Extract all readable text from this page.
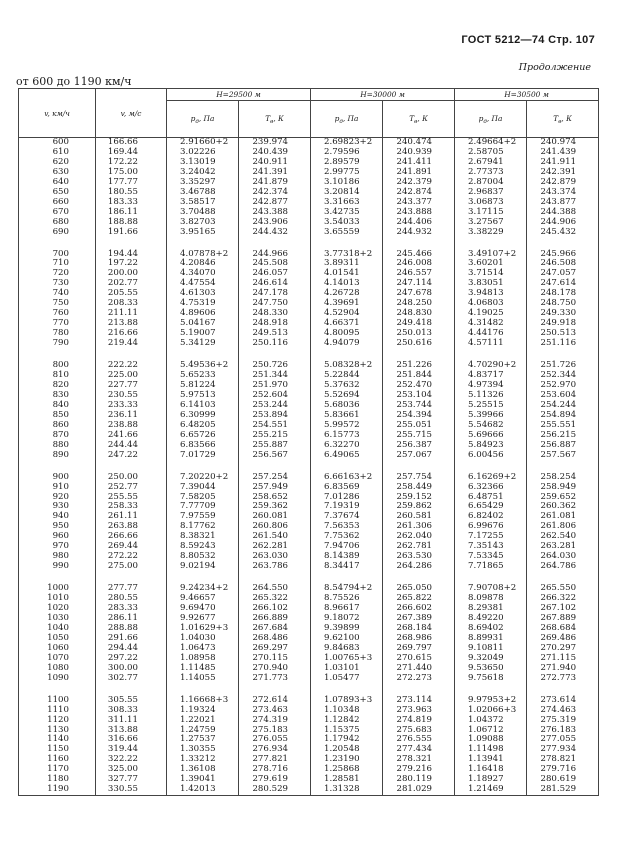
ГОСТ 5212—74 Стр. 107
Продолжение
от 600 до 1190 км/ч
v, км/ч	v, м/с	H=29500 м		H=30000 м		H=30500 м	
		$р_д$, Па	$Т_в$, К	$р_д$, Па	$Т_в$, К	$р_д$, Па	$Т_в$, К
600	166.66	2.91660+2	239.974	2.69823+2	240.474	2.49664+2	240.974
610	169.44	3.02226	240.439	2.79596	240.939	2.58705	241.439
620	172.22	3.13019	240.911	2.89579	241.411	2.67941	241.911
630	175.00	3.24042	241.391	2.99775	241.891	2.77373	242.391
640	177.77	3.35297	241.879	3.10186	242.379	2.87004	242.879
650	180.55	3.46788	242.374	3.20814	242.874	2.96837	243.374
660	183.33	3.58517	242.877	3.31663	243.377	3.06873	243.877
670	186.11	3.70488	243.388	3.42735	243.888	3.17115	244.388
680	188.88	3.82703	243.906	3.54033	244.406	3.27567	244.906
690	191.66	3.95165	244.432	3.65559	244.932	3.38229	245.432

700	194.44	4.07878+2	244.966	3.77318+2	245.466	3.49107+2	245.966
710	197.22	4.20846	245.508	3.89311	246.008	3.60201	246.508
720	200.00	4.34070	246.057	4.01541	246.557	3.71514	247.057
730	202.77	4.47554	246.614	4.14013	247.114	3.83051	247.614
740	205.55	4.61303	247.178	4.26728	247.678	3.94813	248.178
750	208.33	4.75319	247.750	4.39691	248.250	4.06803	248.750
760	211.11	4.89606	248.330	4.52904	248.830	4.19025	249.330
770	213.88	5.04167	248.918	4.66371	249.418	4.31482	249.918
780	216.66	5.19007	249.513	4.80095	250.013	4.44176	250.513
790	219.44	5.34129	250.116	4.94079	250.616	4.57111	251.116

800	222.22	5.49536+2	250.726	5.08328+2	251.226	4.70290+2	251.726
810	225.00	5.65233	251.344	5.22844	251.844	4.83717	252.344
820	227.77	5.81224	251.970	5.37632	252.470	4.97394	252.970
830	230.55	5.97513	252.604	5.52694	253.104	5.11326	253.604
840	233.33	6.14103	253.244	5.68036	253.744	5.25515	254.244
850	236.11	6.30999	253.894	5.83661	254.394	5.39966	254.894
860	238.88	6.48205	254.551	5.99572	255.051	5.54682	255.551
870	241.66	6.65726	255.215	6.15773	255.715	5.69666	256.215
880	244.44	6.83566	255.887	6.32270	256.387	5.84923	256.887
890	247.22	7.01729	256.567	6.49065	257.067	6.00456	257.567

900	250.00	7.20220+2	257.254	6.66163+2	257.754	6.16269+2	258.254
910	252.77	7.39044	257.949	6.83569	258.449	6.32366	258.949
920	255.55	7.58205	258.652	7.01286	259.152	6.48751	259.652
930	258.33	7.77709	259.362	7.19319	259.862	6.65429	260.362
940	261.11	7.97559	260.081	7.37674	260.581	6.82402	261.081
950	263.88	8.17762	260.806	7.56353	261.306	6.99676	261.806
960	266.66	8.38321	261.540	7.75362	262.040	7.17255	262.540
970	269.44	8.59243	262.281	7.94706	262.781	7.35143	263.281
980	272.22	8.80532	263.030	8.14389	263.530	7.53345	264.030
990	275.00	9.02194	263.786	8.34417	264.286	7.71865	264.786

1000	277.77	9.24234+2	264.550	8.54794+2	265.050	7.90708+2	265.550
1010	280.55	9.46657	265.322	8.75526	265.822	8.09878	266.322
1020	283.33	9.69470	266.102	8.96617	266.602	8.29381	267.102
1030	286.11	9.92677	266.889	9.18072	267.389	8.49220	267.889
1040	288.88	1.01629+3	267.684	9.39899	268.184	8.69402	268.684
1050	291.66	1.04030	268.486	9.62100	268.986	8.89931	269.486
1060	294.44	1.06473	269.297	9.84683	269.797	9.10811	270.297
1070	297.22	1.08958	270.115	1.00765+3	270.615	9.32049	271.115
1080	300.00	1.11485	270.940	1.03101	271.440	9.53650	271.940
1090	302.77	1.14055	271.773	1.05477	272.273	9.75618	272.773

1100	305.55	1.16668+3	272.614	1.07893+3	273.114	9.97953+2	273.614
1110	308.33	1.19324	273.463	1.10348	273.963	1.02066+3	274.463
1120	311.11	1.22021	274.319	1.12842	274.819	1.04372	275.319
1130	313.88	1.24759	275.183	1.15375	275.683	1.06712	276.183
1140	316.66	1.27537	276.055	1.17942	276.555	1.09088	277.055
1150	319.44	1.30355	276.934	1.20548	277.434	1.11498	277.934
1160	322.22	1.33212	277.821	1.23190	278.321	1.13941	278.821
1170	325.00	1.36108	278.716	1.25868	279.216	1.16418	279.716
1180	327.77	1.39041	279.619	1.28581	280.119	1.18927	280.619
1190	330.55	1.42013	280.529	1.31328	281.029	1.21469	281.529
